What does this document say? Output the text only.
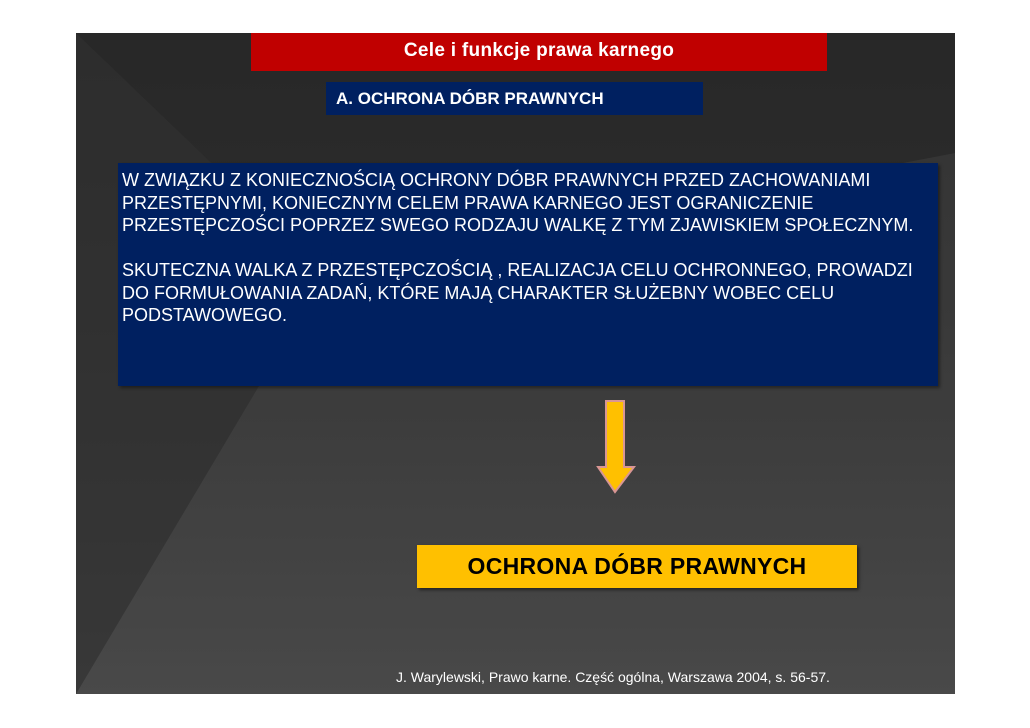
Cele i funkcje prawa karnego
A. OCHRONA DÓBR PRAWNYCH

W ZWIĄZKU Z KONIECZNOŚCIĄ OCHRONY DÓBR PRAWNYCH PRZED ZACHOWANIAMI PRZESTĘPNYMI, KONIECZNYM CELEM PRAWA KARNEGO JEST OGRANICZENIE PRZESTĘPCZOŚCI POPRZEZ SWEGO RODZAJU WALKĘ Z TYM ZJAWISKIEM SPOŁECZNYM.

SKUTECZNA WALKA Z PRZESTĘPCZOŚCIĄ , REALIZACJA CELU OCHRONNEGO, PROWADZI DO FORMUŁOWANIA ZADAŃ, KTÓRE MAJĄ CHARAKTER SŁUŻEBNY WOBEC CELU PODSTAWOWEGO.

OCHRONA DÓBR PRAWNYCH
J. Warylewski, Prawo karne. Część ogólna, Warszawa 2004, s. 56-57.
